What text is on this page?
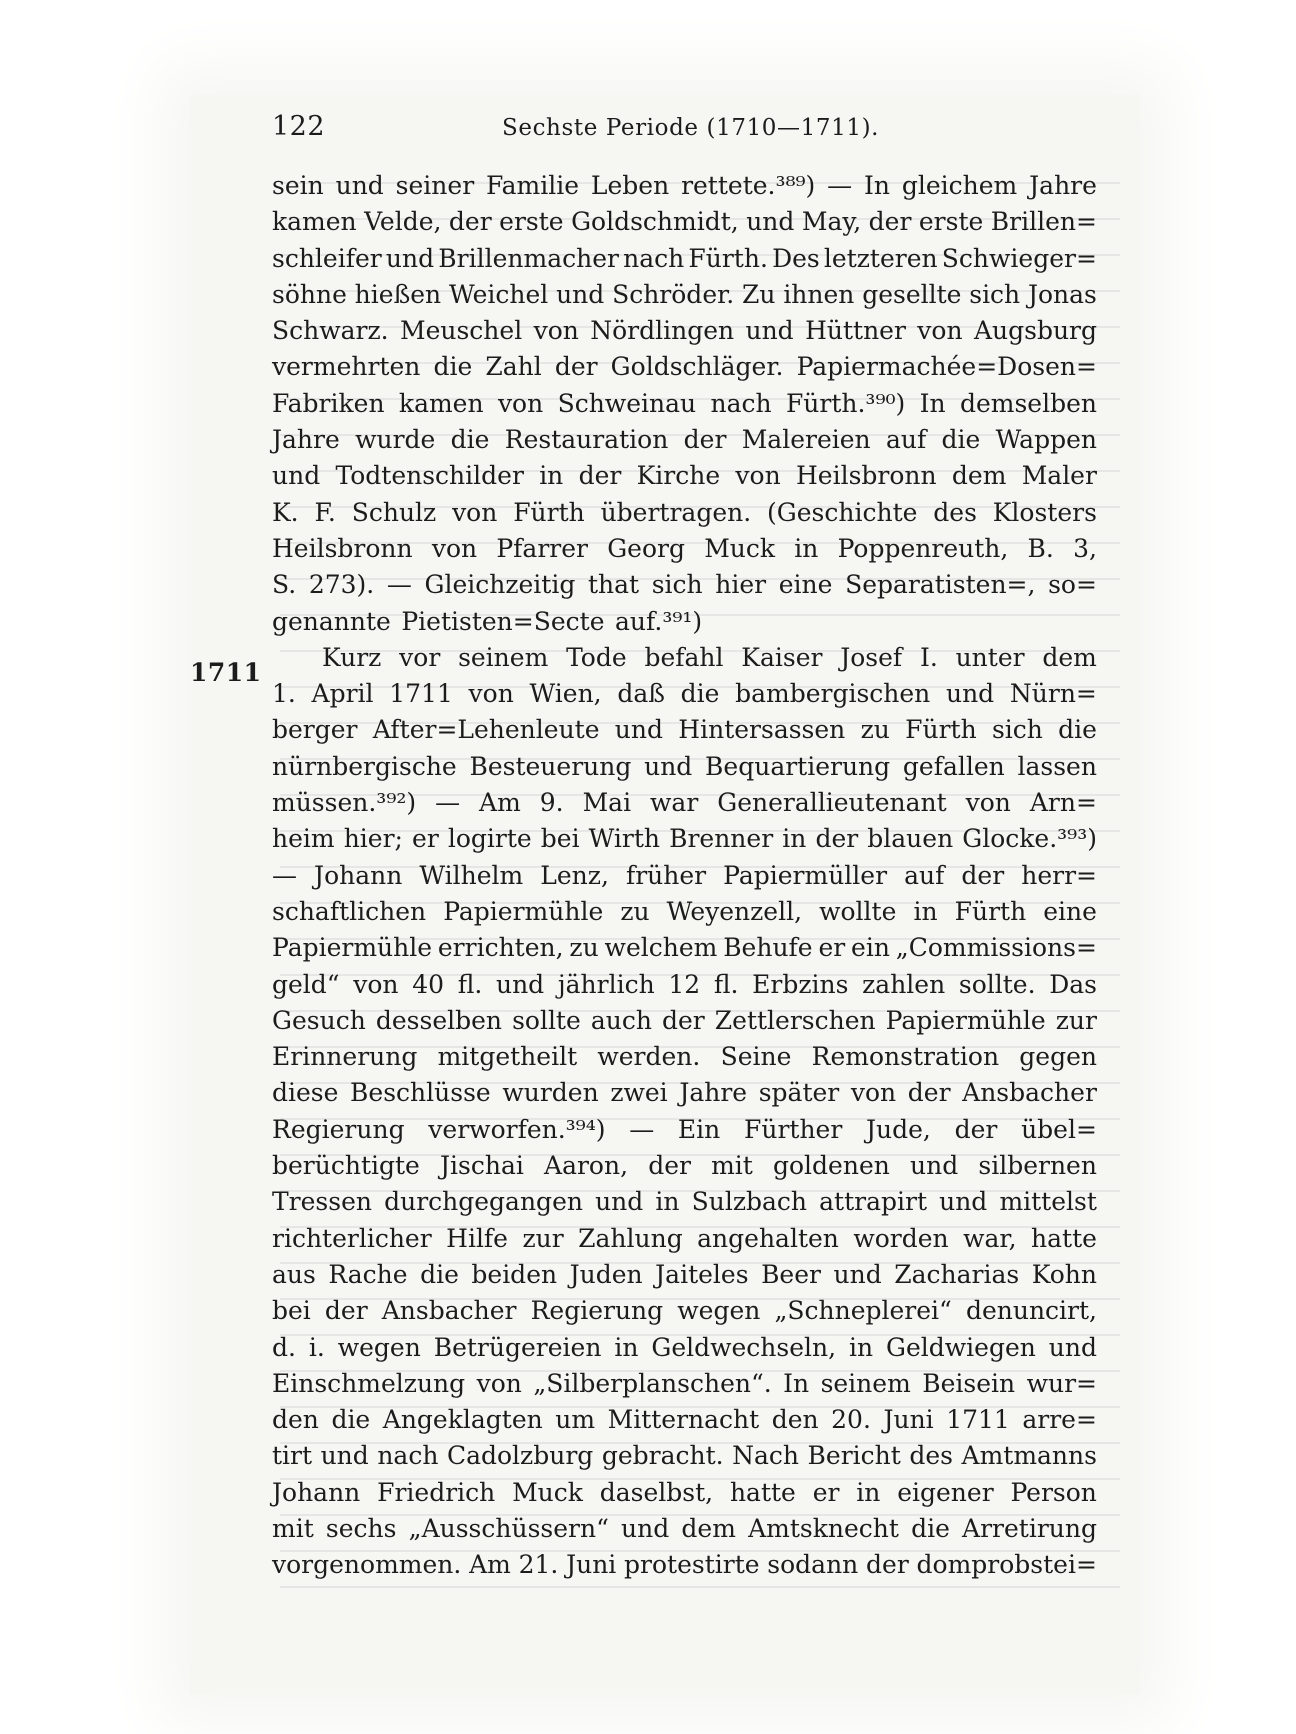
122	Sechste Periode (1710—1711).
1711
sein und seiner Familie Leben rettete.³⁸⁹) — In gleichem Jahre
kamen Velde, der erste Goldschmidt, und May, der erste Brillen=
schleifer und Brillenmacher nach Fürth. Des letzteren Schwieger=
söhne hießen Weichel und Schröder. Zu ihnen gesellte sich Jonas
Schwarz. Meuschel von Nördlingen und Hüttner von Augsburg
vermehrten die Zahl der Goldschläger. Papiermachée=Dosen=
Fabriken kamen von Schweinau nach Fürth.³⁹⁰) In demselben
Jahre wurde die Restauration der Malereien auf die Wappen
und Todtenschilder in der Kirche von Heilsbronn dem Maler
K. F. Schulz von Fürth übertragen. (Geschichte des Klosters
Heilsbronn von Pfarrer Georg Muck in Poppenreuth, B. 3,
S. 273). — Gleichzeitig that sich hier eine Separatisten=, so=
genannte Pietisten=Secte auf.³⁹¹)
Kurz vor seinem Tode befahl Kaiser Josef I. unter dem
1. April 1711 von Wien, daß die bambergischen und Nürn=
berger After=Lehenleute und Hintersassen zu Fürth sich die
nürnbergische Besteuerung und Bequartierung gefallen lassen
müssen.³⁹²) — Am 9. Mai war Generallieutenant von Arn=
heim hier; er logirte bei Wirth Brenner in der blauen Glocke.³⁹³)
— Johann Wilhelm Lenz, früher Papiermüller auf der herr=
schaftlichen Papiermühle zu Weyenzell, wollte in Fürth eine
Papiermühle errichten, zu welchem Behufe er ein „Commissions=
geld“ von 40 fl. und jährlich 12 fl. Erbzins zahlen sollte. Das
Gesuch desselben sollte auch der Zettlerschen Papiermühle zur
Erinnerung mitgetheilt werden. Seine Remonstration gegen
diese Beschlüsse wurden zwei Jahre später von der Ansbacher
Regierung verworfen.³⁹⁴) — Ein Fürther Jude, der übel=
berüchtigte Jischai Aaron, der mit goldenen und silbernen
Tressen durchgegangen und in Sulzbach attrapirt und mittelst
richterlicher Hilfe zur Zahlung angehalten worden war, hatte
aus Rache die beiden Juden Jaiteles Beer und Zacharias Kohn
bei der Ansbacher Regierung wegen „Schneplerei“ denuncirt,
d. i. wegen Betrügereien in Geldwechseln, in Geldwiegen und
Einschmelzung von „Silberplanschen“. In seinem Beisein wur=
den die Angeklagten um Mitternacht den 20. Juni 1711 arre=
tirt und nach Cadolzburg gebracht. Nach Bericht des Amtmanns
Johann Friedrich Muck daselbst, hatte er in eigener Person
mit sechs „Ausschüssern“ und dem Amtsknecht die Arretirung
vorgenommen. Am 21. Juni protestirte sodann der domprobstei=
